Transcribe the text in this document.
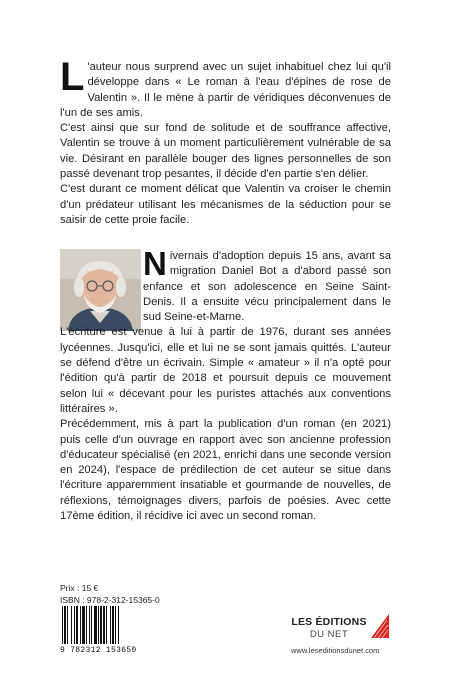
L 'auteur nous surprend avec un sujet inhabituel chez lui qu'il développe dans « Le roman à l'eau d'épines de rose de Valentin ». Il le mène à partir de véridiques déconvenues de l'un de ses amis.

C'est ainsi que sur fond de solitude et de souffrance affective, Valentin se trouve à un moment particulièrement vulnérable de sa vie. Désirant en parallèle bouger des lignes personnelles de son passé devenant trop pesantes, il décide d'en partie s'en délier.

C'est durant ce moment délicat que Valentin va croiser le chemin d'un prédateur utilisant les mécanismes de la séduction pour se saisir de cette proie facile.

Nivernais d'adoption depuis 15 ans, avant sa migration Daniel Bot a d'abord passé son enfance et son adolescence en Seine Saint-Denis. Il a ensuite vécu principalement dans le sud Seine-et-Marne.

L'écriture est venue à lui à partir de 1976, durant ses années lycéennes. Jusqu'ici, elle et lui ne se sont jamais quittés. L'auteur se défend d'être un écrivain. Simple « amateur » il n'a opté pour l'édition qu'à partir de 2018 et poursuit depuis ce mouvement selon lui « décevant pour les puristes attachés aux conventions littéraires ».

Précédemment, mis à part la publication d'un roman (en 2021) puis celle d'un ouvrage en rapport avec son ancienne profession d'éducateur spécialisé (en 2021, enrichi dans une seconde version en 2024), l'espace de prédilection de cet auteur se situe dans l'écriture apparemment insatiable et gourmande de nouvelles, de réflexions, témoignages divers, parfois de poésies. Avec cette 17ème édition, il récidive ici avec un second roman.

Prix : 15 €
ISBN : 978-2-312-15365-0
9 782312 153650
LES ÉDITIONS
DU NET
www.leseditionsdunet.com
